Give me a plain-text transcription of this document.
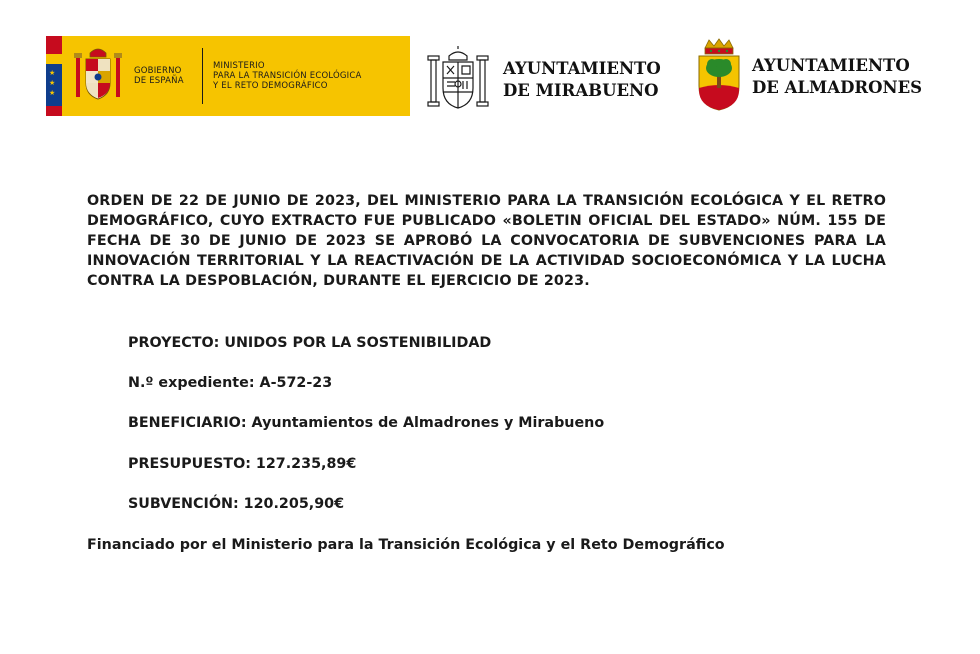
★
★
★
GOBIERNO
DE ESPAÑA
MINISTERIO
PARA LA TRANSICIÓN ECOLÓGICA
Y EL RETO DEMOGRÁFICO
AYUNTAMIENTO
DE MIRABUENO
AYUNTAMIENTO
DE ALMADRONES
ORDEN DE 22 DE JUNIO DE 2023, DEL MINISTERIO PARA LA TRANSICIÓN ECOLÓGICA Y EL RETRO DEMOGRÁFICO, CUYO EXTRACTO FUE PUBLICADO «BOLETIN OFICIAL DEL ESTADO» NÚM. 155 DE FECHA DE 30 DE JUNIO DE 2023 SE APROBÓ LA CONVOCATORIA DE SUBVENCIONES PARA LA INNOVACIÓN TERRITORIAL Y LA REACTIVACIÓN DE LA ACTIVIDAD SOCIOECONÓMICA Y LA LUCHA CONTRA LA DESPOBLACIÓN, DURANTE EL EJERCICIO DE 2023.
PROYECTO: UNIDOS POR LA SOSTENIBILIDAD
N.º expediente: A-572-23
BENEFICIARIO: Ayuntamientos de Almadrones y Mirabueno
PRESUPUESTO: 127.235,89€
SUBVENCIÓN: 120.205,90€
Financiado por el Ministerio para la Transición Ecológica y el Reto Demográfico
